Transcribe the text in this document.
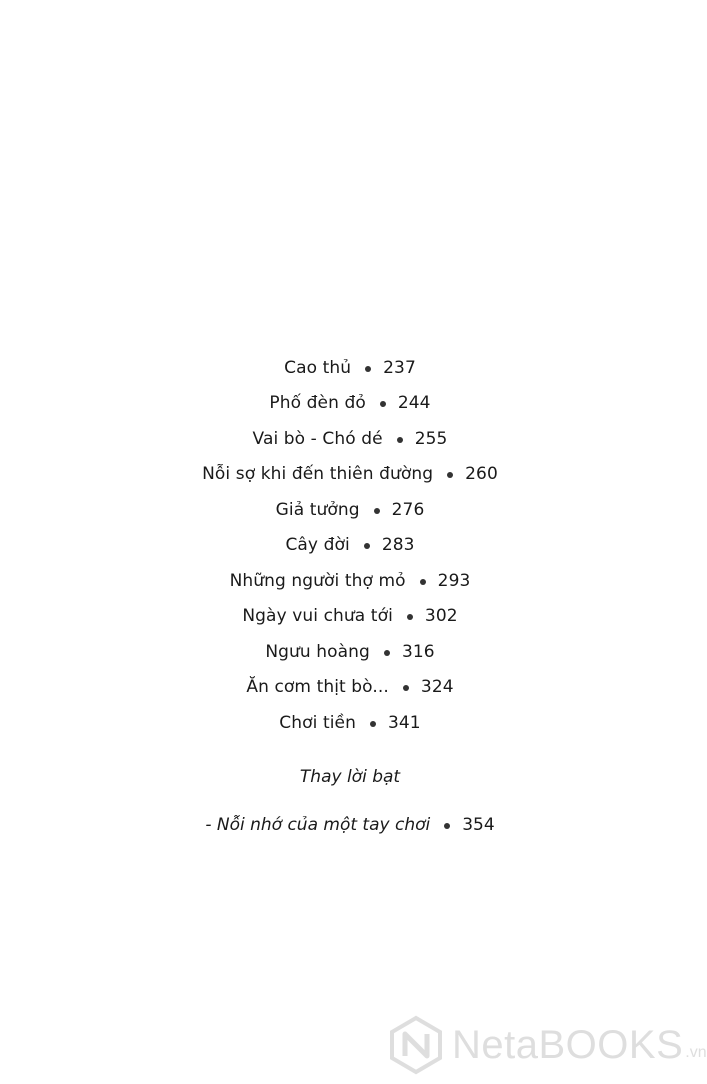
Cao thủ 237
Phố đèn đỏ 244
Vai bò - Chó dé 255
Nỗi sợ khi đến thiên đường 260
Giả tưởng 276
Cây đời 283
Những người thợ mỏ 293
Ngày vui chưa tới 302
Ngưu hoàng 316
Ăn cơm thịt bò... 324
Chơi tiền 341
Thay lời bạt
- Nỗi nhớ của một tay chơi 354
NetaBOOKS .vn
